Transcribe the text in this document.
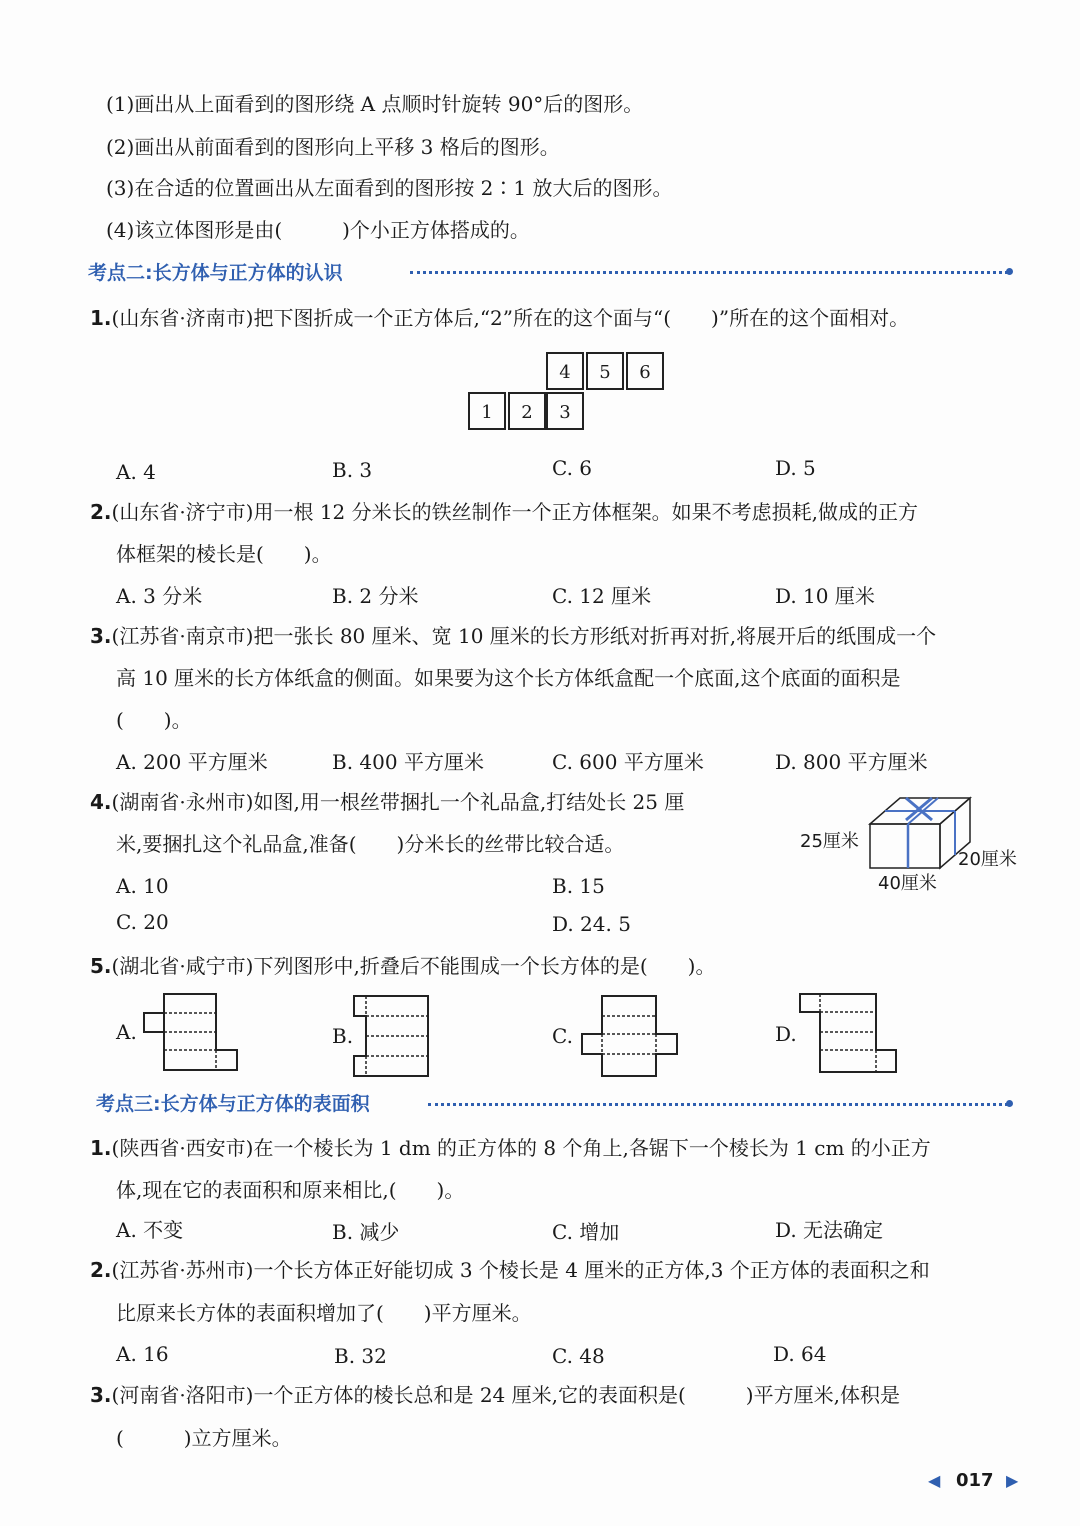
(1)画出从上面看到的图形绕 A 点顺时针旋转 90°后的图形。
(2)画出从前面看到的图形向上平移 3 格后的图形。
(3)在合适的位置画出从左面看到的图形按 2∶1 放大后的图形。
(4)该立体图形是由(　　　)个小正方体搭成的。
考点二:长方体与正方体的认识
1.(山东省·济南市)把下图折成一个正方体后,“2”所在的这个面与“(　　)”所在的这个面相对。
4	5	6
1	2	3
A. 4	B. 3	C. 6	D. 5
2.(山东省·济宁市)用一根 12 分米长的铁丝制作一个正方体框架。如果不考虑损耗,做成的正方
体框架的棱长是(　　)。
A. 3 分米	B. 2 分米	C. 12 厘米	D. 10 厘米
3.(江苏省·南京市)把一张长 80 厘米、宽 10 厘米的长方形纸对折再对折,将展开后的纸围成一个
高 10 厘米的长方体纸盒的侧面。如果要为这个长方体纸盒配一个底面,这个底面的面积是
(　　)。
A. 200 平方厘米	B. 400 平方厘米	C. 600 平方厘米	D. 800 平方厘米
4.(湖南省·永州市)如图,用一根丝带捆扎一个礼品盒,打结处长 25 厘
米,要捆扎这个礼品盒,准备(　　)分米长的丝带比较合适。	25厘米
20厘米
40厘米
A. 10	B. 15
C. 20	D. 24. 5
5.(湖北省·咸宁市)下列图形中,折叠后不能围成一个长方体的是(　　)。
A.	B.	C.	D.
考点三:长方体与正方体的表面积
1.(陕西省·西安市)在一个棱长为 1 dm 的正方体的 8 个角上,各锯下一个棱长为 1 cm 的小正方
体,现在它的表面积和原来相比,(　　)。
A. 不变	B. 减少	C. 增加	D. 无法确定
2.(江苏省·苏州市)一个长方体正好能切成 3 个棱长是 4 厘米的正方体,3 个正方体的表面积之和
比原来长方体的表面积增加了(　　)平方厘米。
A. 16	B. 32	C. 48	D. 64
3.(河南省·洛阳市)一个正方体的棱长总和是 24 厘米,它的表面积是(　　　)平方厘米,体积是
(　　　)立方厘米。
◀ 017 ▶
